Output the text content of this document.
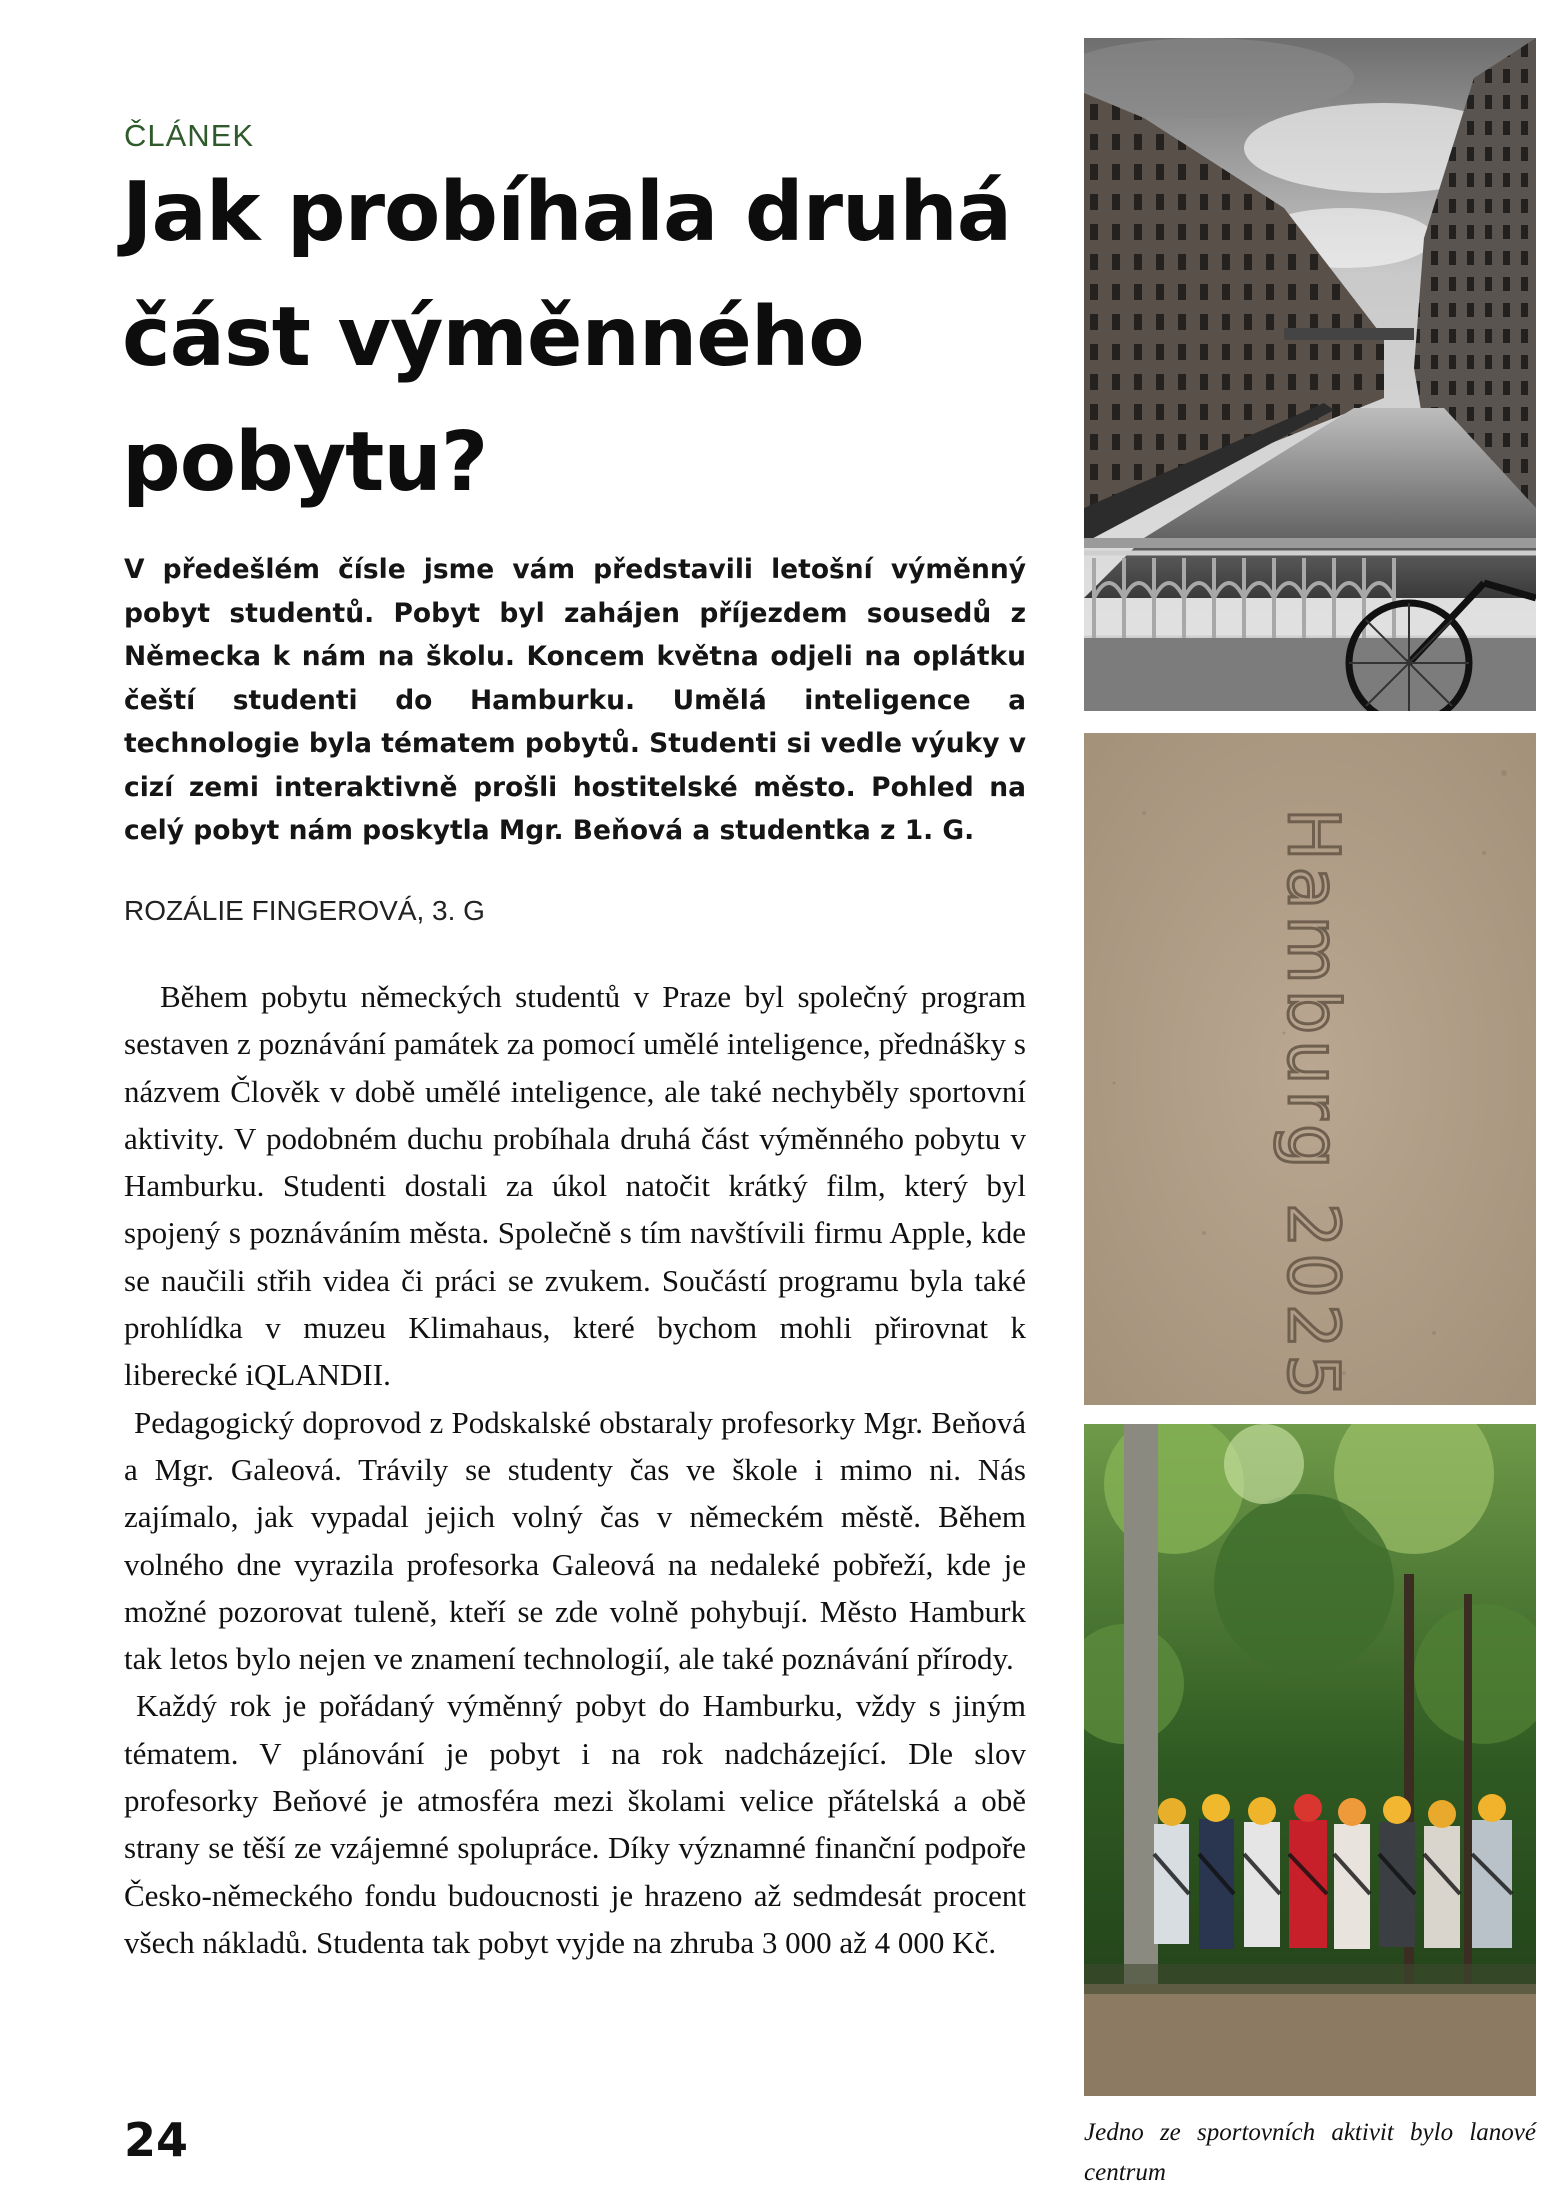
ČLÁNEK
Jak probíhala druhá část výměnného pobytu?

V předešlém čísle jsme vám představili letošní výměnný pobyt studentů. Pobyt byl zahájen příjezdem sousedů z Německa k nám na školu. Koncem května odjeli na oplátku čeští studenti do Hamburku. Umělá inteligence a technologie byla tématem pobytů. Studenti si vedle výuky v cizí zemi interaktivně prošli hostitelské město. Pohled na celý pobyt nám poskytla Mgr. Beňová a studentka z 1. G.

ROZÁLIE FINGEROVÁ, 3. G

Během pobytu německých studentů v Praze byl společný program sestaven z poznávání památek za pomocí umělé inteligence, přednášky s názvem Člověk v době umělé inteligence, ale také nechyběly sportovní aktivity. V podobném duchu probíhala druhá část výměnného pobytu v Hamburku. Studenti dostali za úkol natočit krátký film, který byl spojený s poznáváním města. Společně s tím navštívili firmu Apple, kde se naučili střih videa či práci se zvukem. Součástí programu byla také prohlídka v muzeu Klimahaus, které bychom mohli přirovnat k liberecké iQLANDII.

Pedagogický doprovod z Podskalské obstaraly profesorky Mgr. Beňová a Mgr. Galeová. Trávily se studenty čas ve škole i mimo ni. Nás zajímalo, jak vypadal jejich volný čas v německém městě. Během volného dne vyrazila profesorka Galeová na nedaleké pobřeží, kde je možné pozorovat tuleně, kteří se zde volně pohybují. Město Hamburk tak letos bylo nejen ve znamení technologií, ale také poznávání přírody.

Každý rok je pořádaný výměnný pobyt do Hamburku, vždy s jiným tématem. V plánování je pobyt i na rok nadcházející. Dle slov profesorky Beňové je atmosféra mezi školami velice přátelská a obě strany se těší ze vzájemné spolupráce. Díky významné finanční podpoře Česko-německého fondu budoucnosti je hrazeno až sedmdesát procent všech nákladů. Studenta tak pobyt vyjde na zhruba 3 000 až 4 000 Kč.

24
Hamburg 2025
Jedno ze sportovních aktivit bylo lanové centrum
